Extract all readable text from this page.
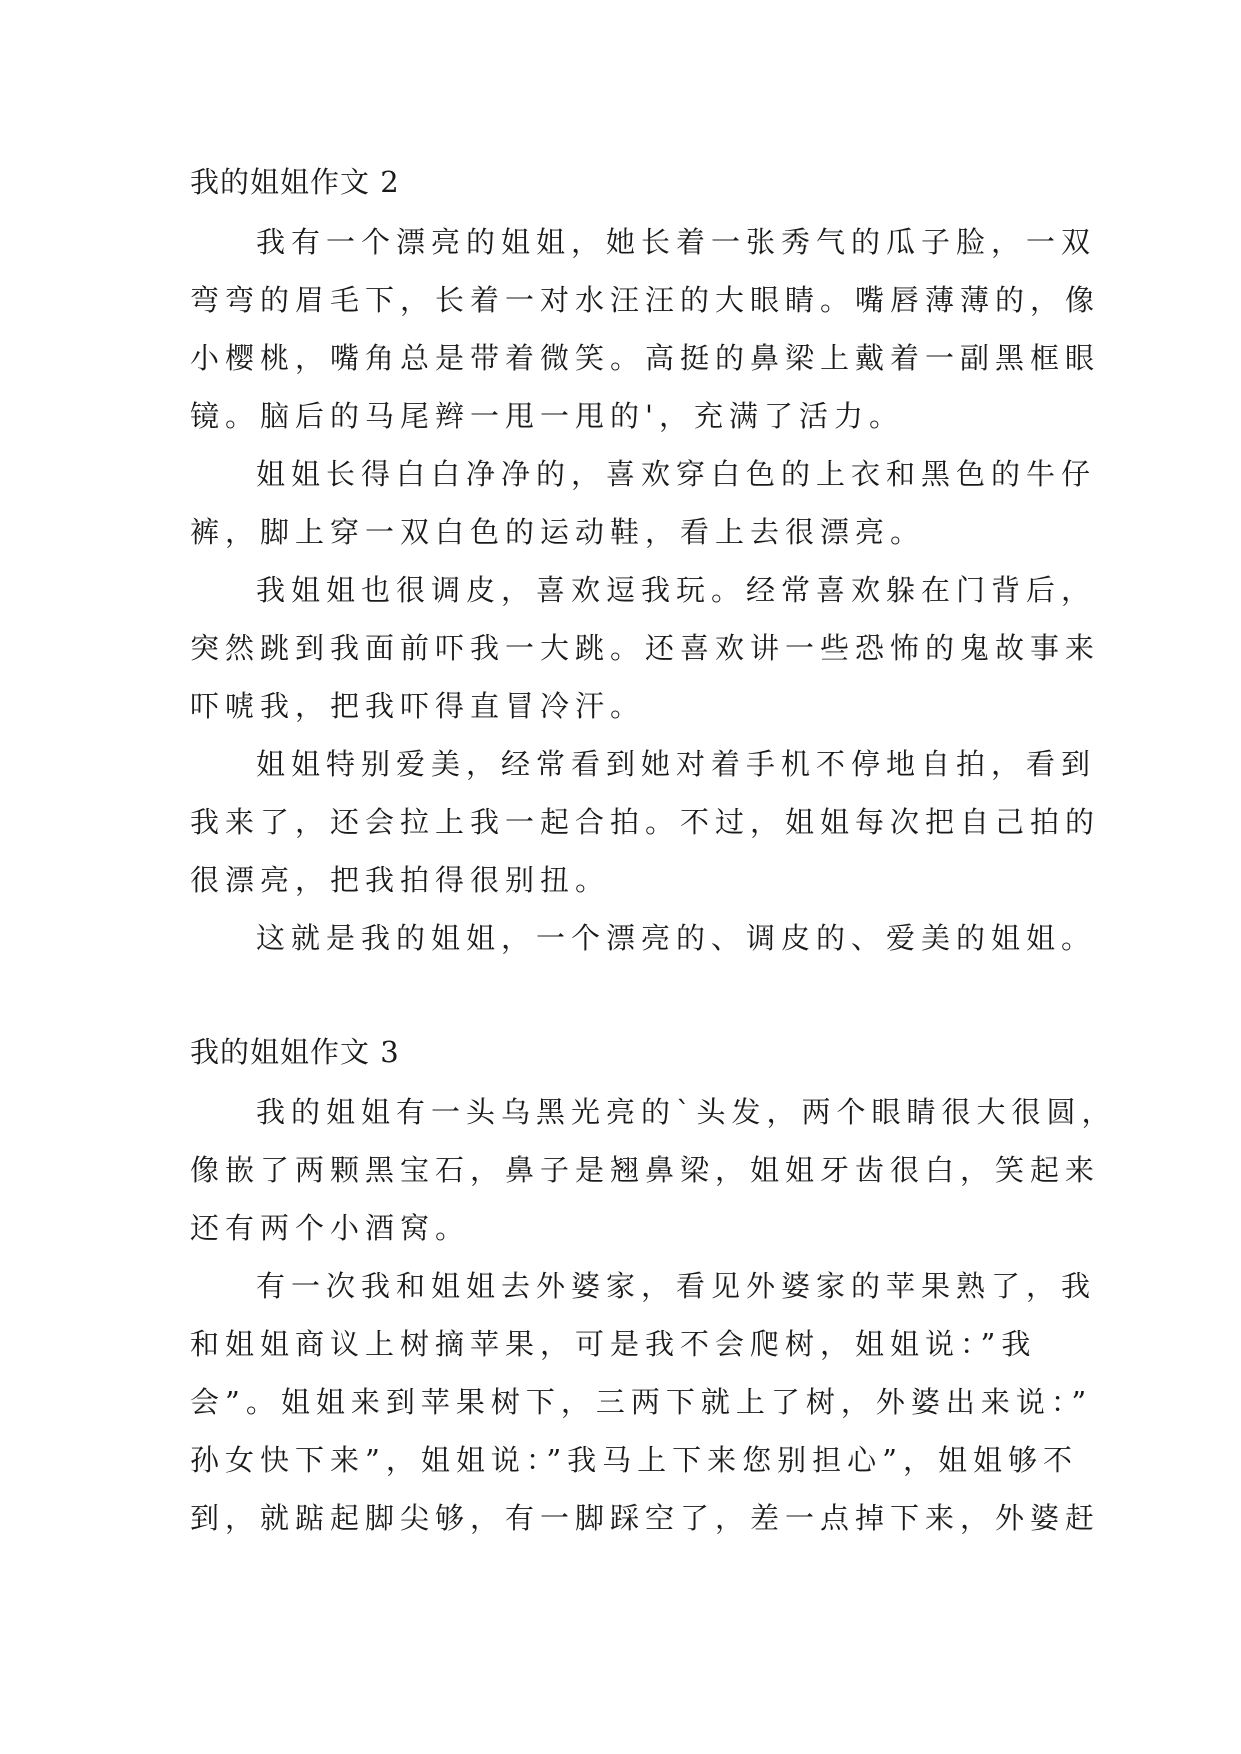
我的姐姐作文 2
我有一个漂亮的姐姐，她长着一张秀气的瓜子脸，一双
弯弯的眉毛下，长着一对水汪汪的大眼睛。嘴唇薄薄的，像
小樱桃，嘴角总是带着微笑。高挺的鼻梁上戴着一副黑框眼
镜。脑后的马尾辫一甩一甩的'，充满了活力。
姐姐长得白白净净的，喜欢穿白色的上衣和黑色的牛仔
裤，脚上穿一双白色的运动鞋，看上去很漂亮。
我姐姐也很调皮，喜欢逗我玩。经常喜欢躲在门背后，
突然跳到我面前吓我一大跳。还喜欢讲一些恐怖的鬼故事来
吓唬我，把我吓得直冒冷汗。
姐姐特别爱美，经常看到她对着手机不停地自拍，看到
我来了，还会拉上我一起合拍。不过，姐姐每次把自己拍的
很漂亮，把我拍得很别扭。
这就是我的姐姐，一个漂亮的、调皮的、爱美的姐姐。
我的姐姐作文 3
我的姐姐有一头乌黑光亮的`头发，两个眼睛很大很圆，
像嵌了两颗黑宝石，鼻子是翘鼻梁，姐姐牙齿很白，笑起来
还有两个小酒窝。
有一次我和姐姐去外婆家，看见外婆家的苹果熟了，我
和姐姐商议上树摘苹果，可是我不会爬树，姐姐说：”我
会”。姐姐来到苹果树下，三两下就上了树，外婆出来说：”
孙女快下来”，姐姐说：”我马上下来您别担心”，姐姐够不
到，就踮起脚尖够，有一脚踩空了，差一点掉下来，外婆赶
